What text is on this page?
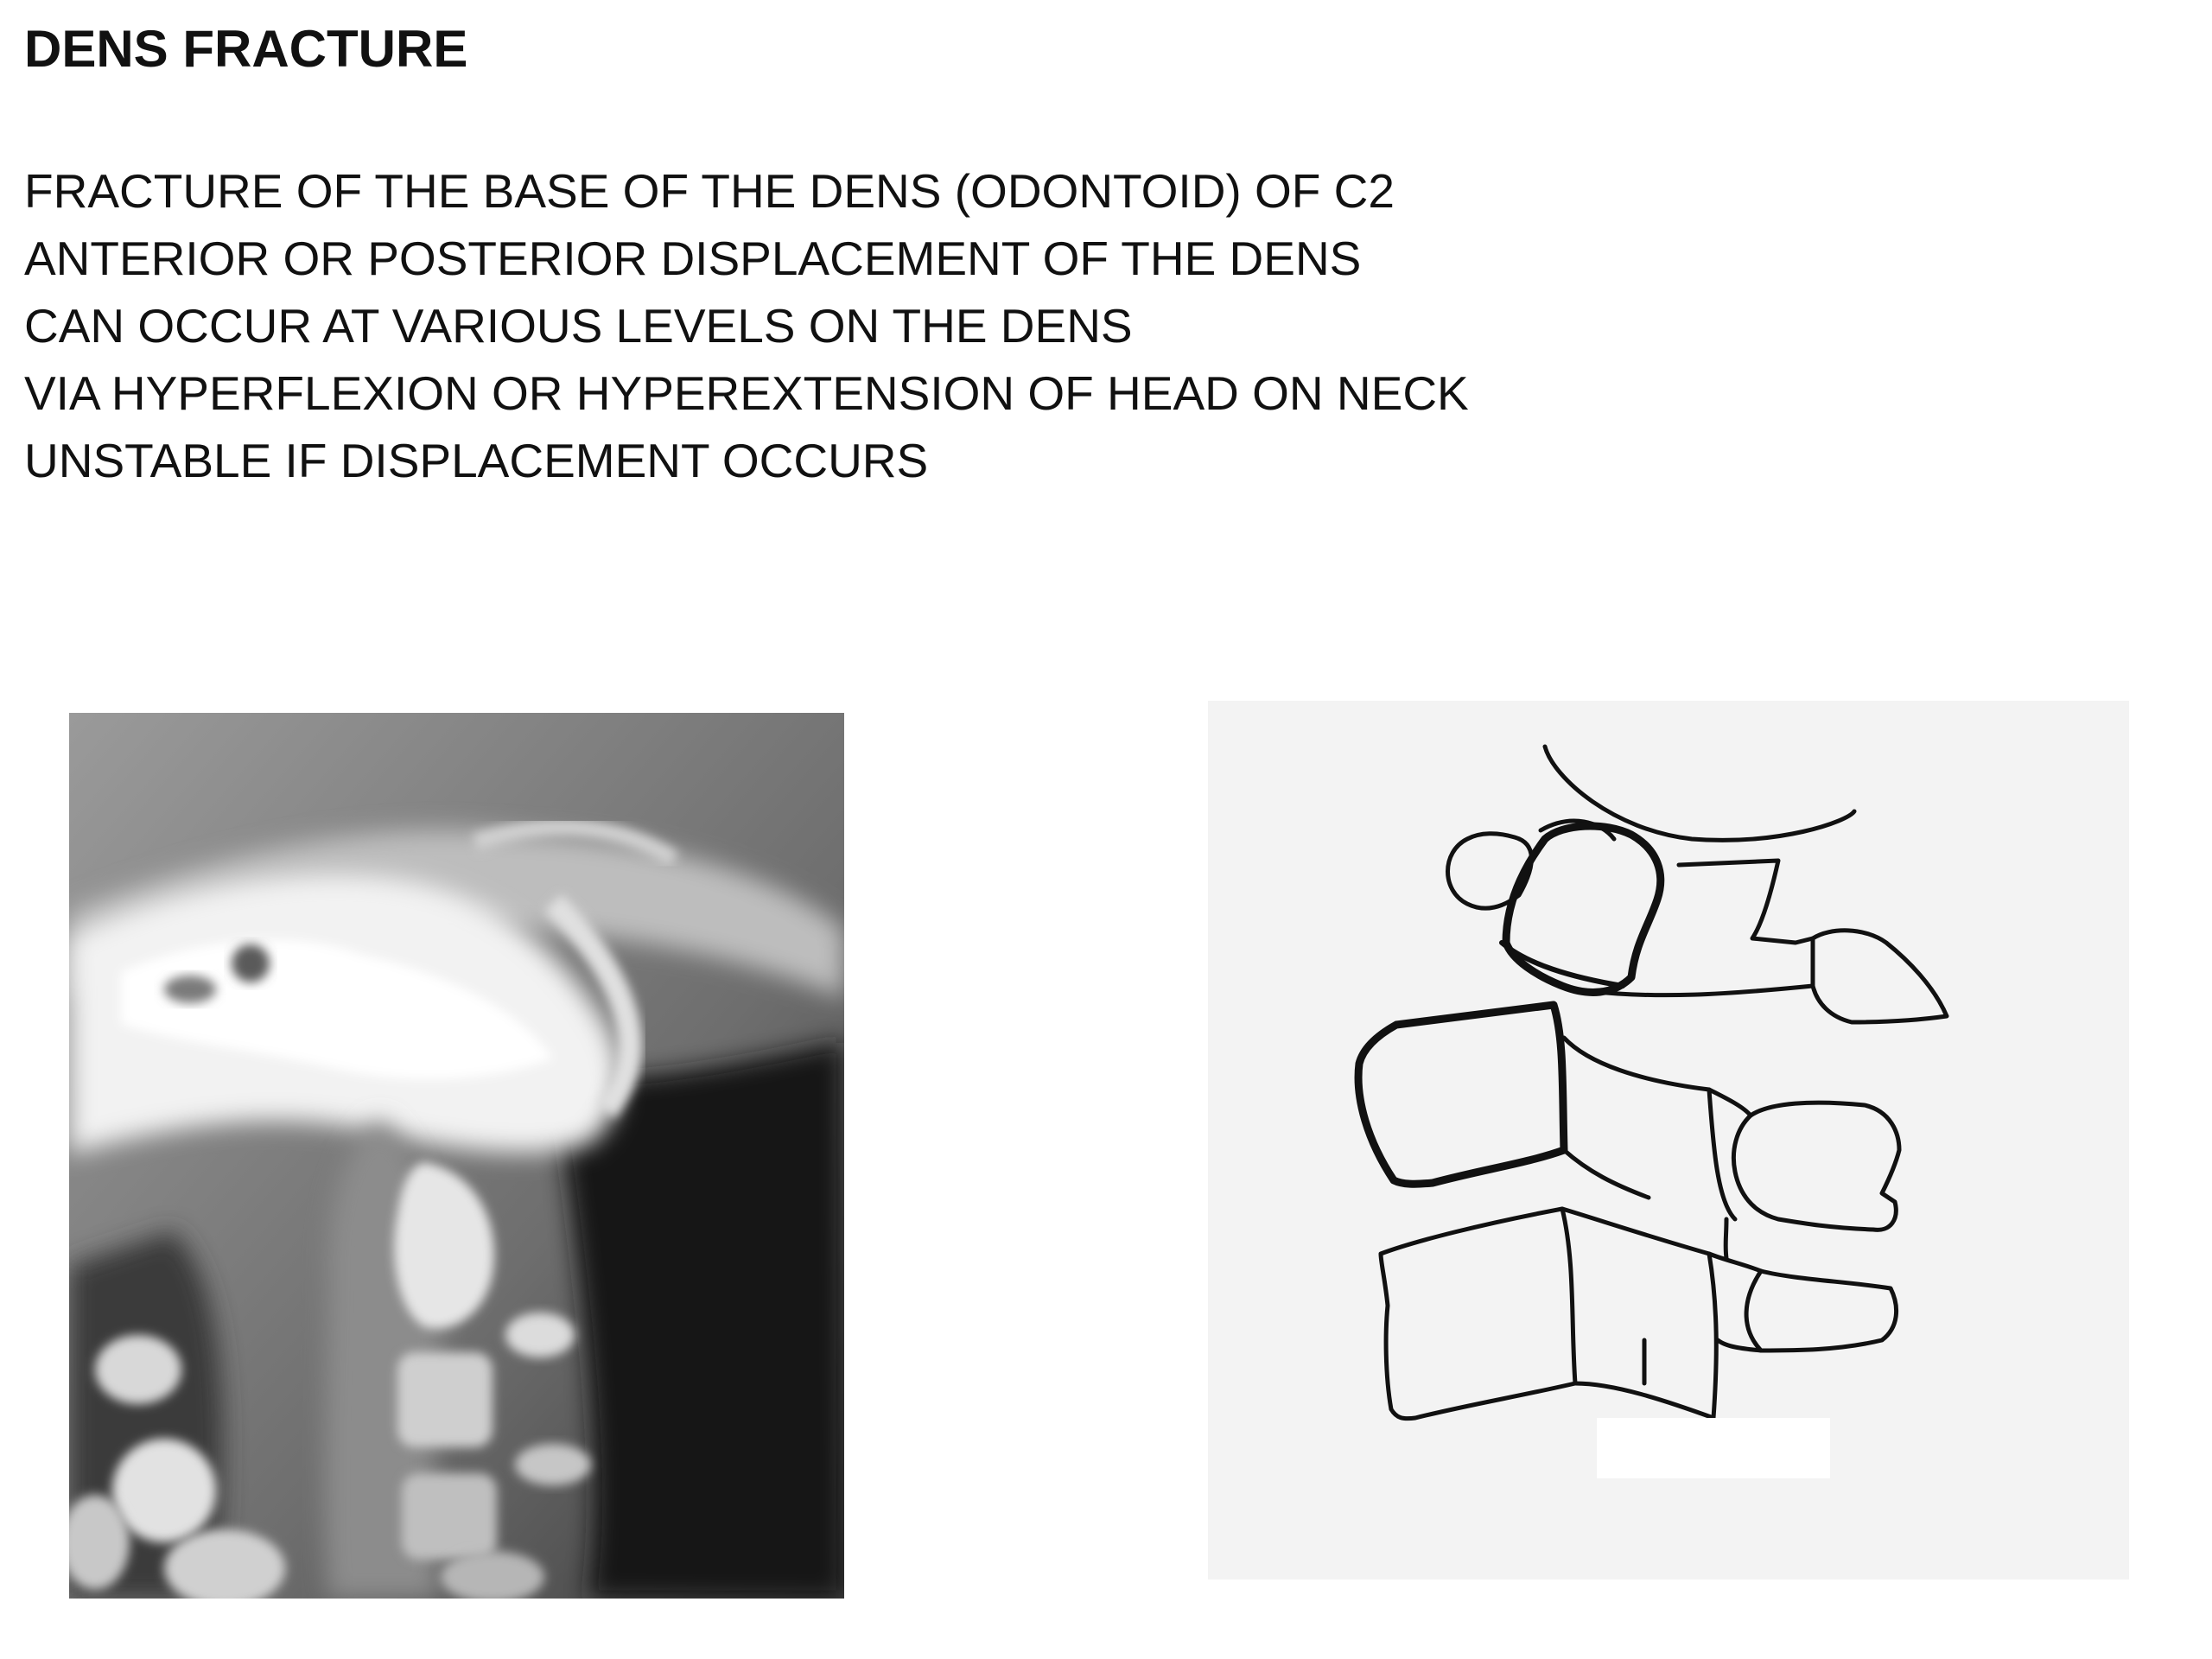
DENS FRACTURE
FRACTURE OF THE BASE OF THE DENS (ODONTOID) OF C2
ANTERIOR OR POSTERIOR DISPLACEMENT OF THE DENS
CAN OCCUR AT VARIOUS LEVELS ON THE DENS
VIA HYPERFLEXION OR HYPEREXTENSION OF HEAD ON NECK
UNSTABLE IF DISPLACEMENT OCCURS
